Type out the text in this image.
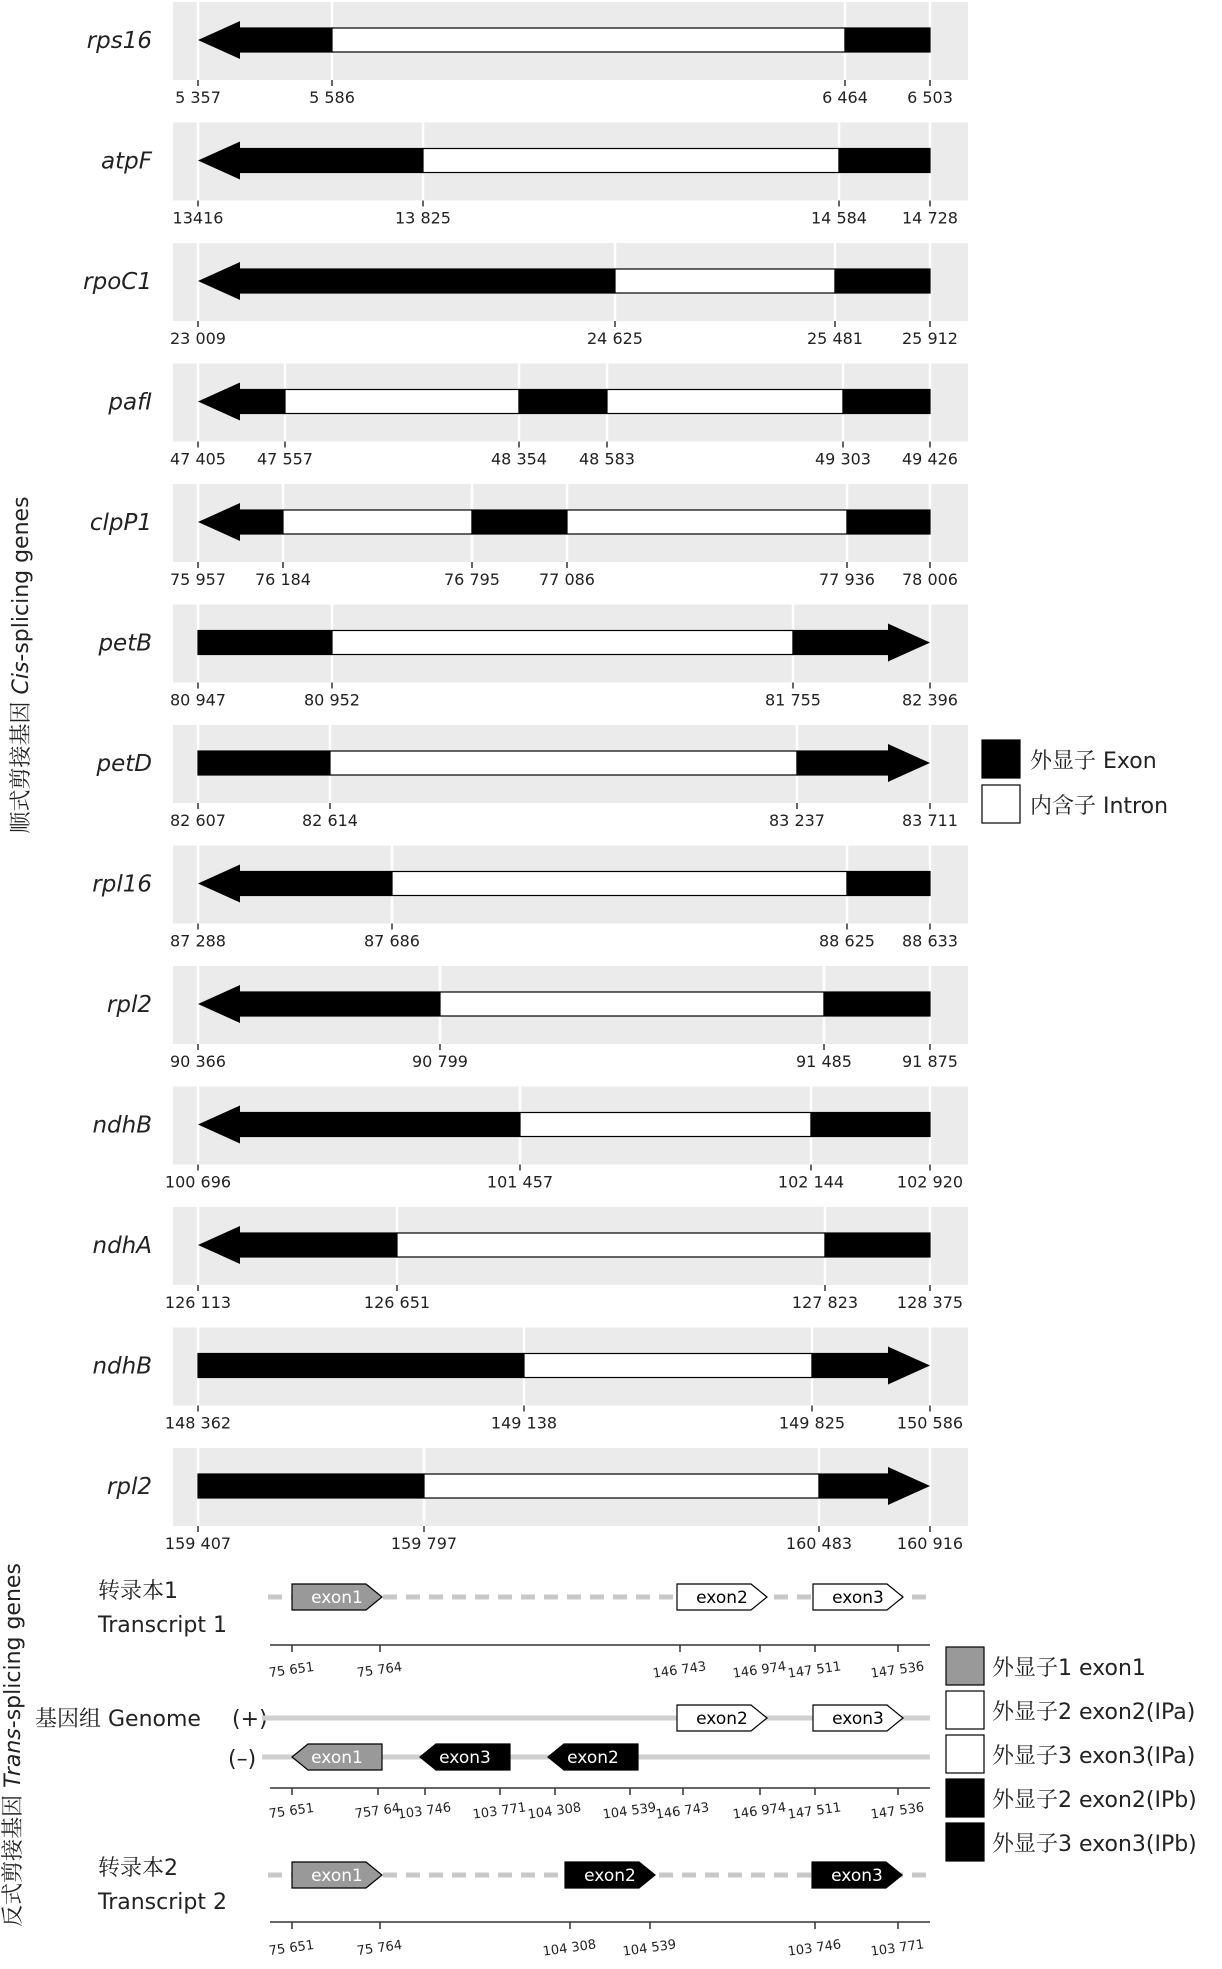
rps16
5 357	5 586	6 464 6 503
atpF
13416	13 825	14 584 14 728
rpoC1
23 009	24 625	25 481 25 912
pafI
47 405 47 557	48 354 48 583	49 303 49 426
clpP1
75 957 76 184	76 795 77 086	77 936 78 006
petB
80 947	80 952	81 755	82 396
petD
82 607	82 614	83 237	83 711
rpl16
87 288	87 686	88 625 88 633
rpl2
90 366	90 799	91 485	91 875
ndhB
100 696	101 457	102 144	102 920
ndhA
126 113	126 651	127 823 128 375
ndhB
148 362	149 138	149 825	150 586
rpl2
159 407	159 797	160 483	160 916
顺式剪接基因 Cis-splicing genes
反式剪接基因 Trans-splicing genes
外显子 Exon
内含子 Intron
转录本1
Transcript 1
exon1	exon2	exon3
75 651	75 764	146 743 146 974 147 511 147 536
基因组 Genome (+)
(–)
exon2	exon3
exon1	exon3	exon2
75 651	757 64
103 746 103 771 104 308 104 539
146 743 146 974 147 511 147 536
转录本2
Transcript 2
exon1	exon2	exon3
75 651	75 764	104 308 104 539	103 746 103 771
外显子1 exon1
外显子2 exon2(IPa)
外显子3 exon3(IPa)
外显子2 exon2(IPb)
外显子3 exon3(IPb)
